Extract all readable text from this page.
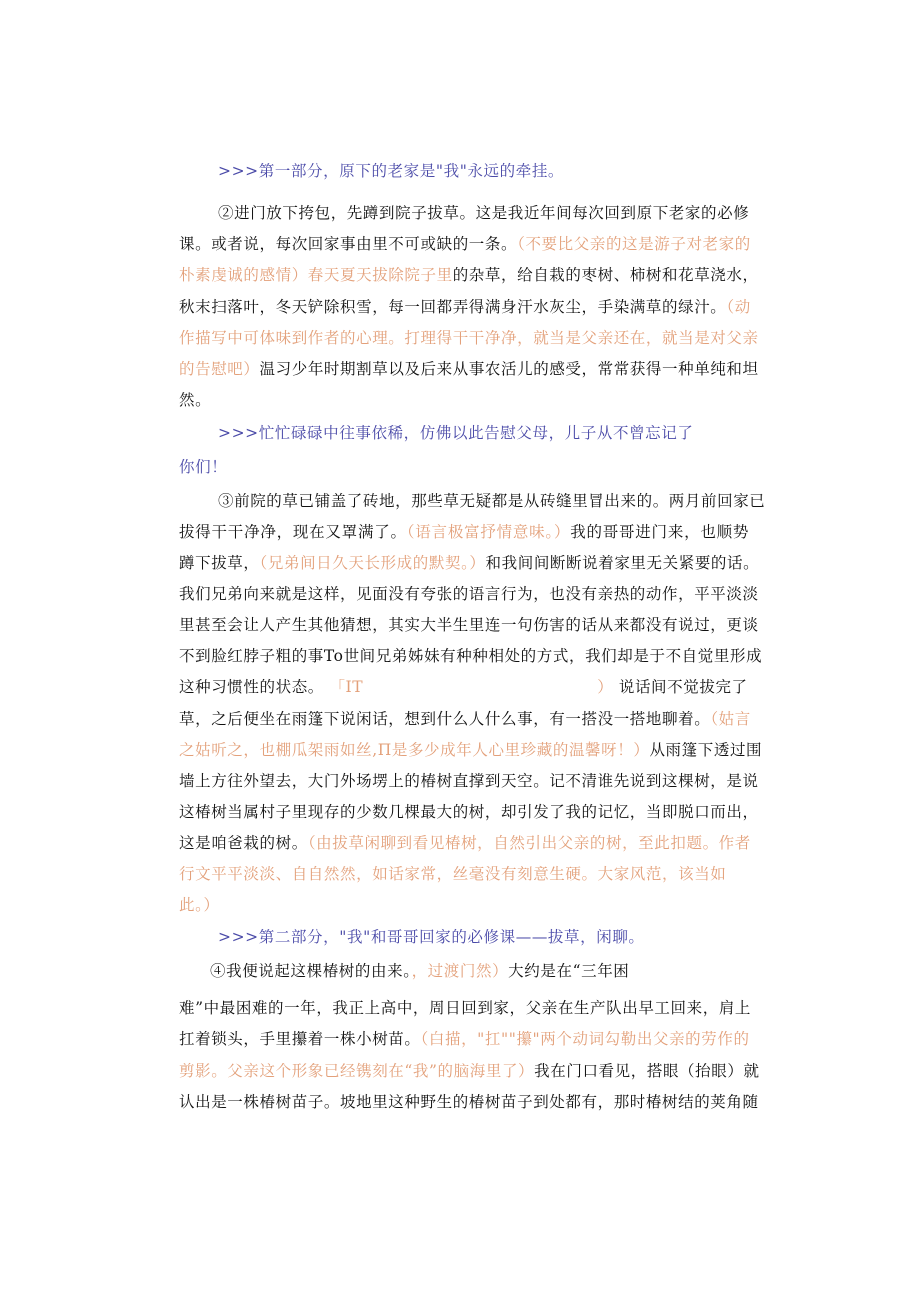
>>>第一部分，原下的老家是"我"永远的牵挂。
②进门放下挎包，先蹲到院子拔草。这是我近年间每次回到原下老家的必修
课。或者说，每次回家事由里不可或缺的一条。（不要比父亲的这是游子对老家的
朴素虔诚的感情）春天夏天拔除院子里的杂草，给自栽的枣树、柿树和花草浇水，
秋末扫落叶，冬天铲除积雪，每一回都弄得满身汗水灰尘，手染满草的绿汁。（动
作描写中可体味到作者的心理。打理得干干净净，就当是父亲还在，就当是对父亲
的告慰吧）温习少年时期割草以及后来从事农活儿的感受，常常获得一种单纯和坦
然。
>>>忙忙碌碌中往事依稀，仿佛以此告慰父母，儿子从不曾忘记了
你们！
③前院的草已铺盖了砖地，那些草无疑都是从砖缝里冒出来的。两月前回家已
拔得干干净净，现在又罩满了。（语言极富抒情意味。）我的哥哥进门来，也顺势
蹲下拔草，（兄弟间日久天长形成的默契。）和我间间断断说着家里无关紧要的话。
我们兄弟向来就是这样，见面没有夸张的语言行为，也没有亲热的动作，平平淡淡
里甚至会让人产生其他猜想，其实大半生里连一句伤害的话从来都没有说过，更谈
不到脸红脖子粗的事To世间兄弟姊妹有种种相处的方式，我们却是于不自觉里形成
这种习惯性的状态。 「IT	） 说话间不觉拔完了
草，之后便坐在雨篷下说闲话，想到什么人什么事，有一搭没一搭地聊着。（姑言
之姑听之，也棚瓜架雨如丝,Π是多少成年人心里珍藏的温馨呀！）从雨篷下透过围
墙上方往外望去，大门外场塄上的椿树直撑到天空。记不清谁先说到这棵树，是说
这椿树当属村子里现存的少数几棵最大的树，却引发了我的记忆，当即脱口而出，
这是咱爸栽的树。（由拔草闲聊到看见椿树，自然引出父亲的树，至此扣题。作者
行文平平淡淡、自自然然，如话家常，丝毫没有刻意生硬。大家风范，该当如
此。）
>>>第二部分，"我"和哥哥回家的必修课——拔草，闲聊。
④我便说起这棵椿树的由来。，过渡门然）大约是在“三年困
难”中最困难的一年，我正上高中，周日回到家，父亲在生产队出早工回来，肩上
扛着锁头，手里攥着一株小树苗。（白描，"扛""攥"两个动词勾勒出父亲的劳作的
剪影。父亲这个形象已经镌刻在“我”的脑海里了）我在门口看见，搭眼（抬眼）就
认出是一株椿树苗子。坡地里这种野生的椿树苗子到处都有，那时椿树结的荚角随
